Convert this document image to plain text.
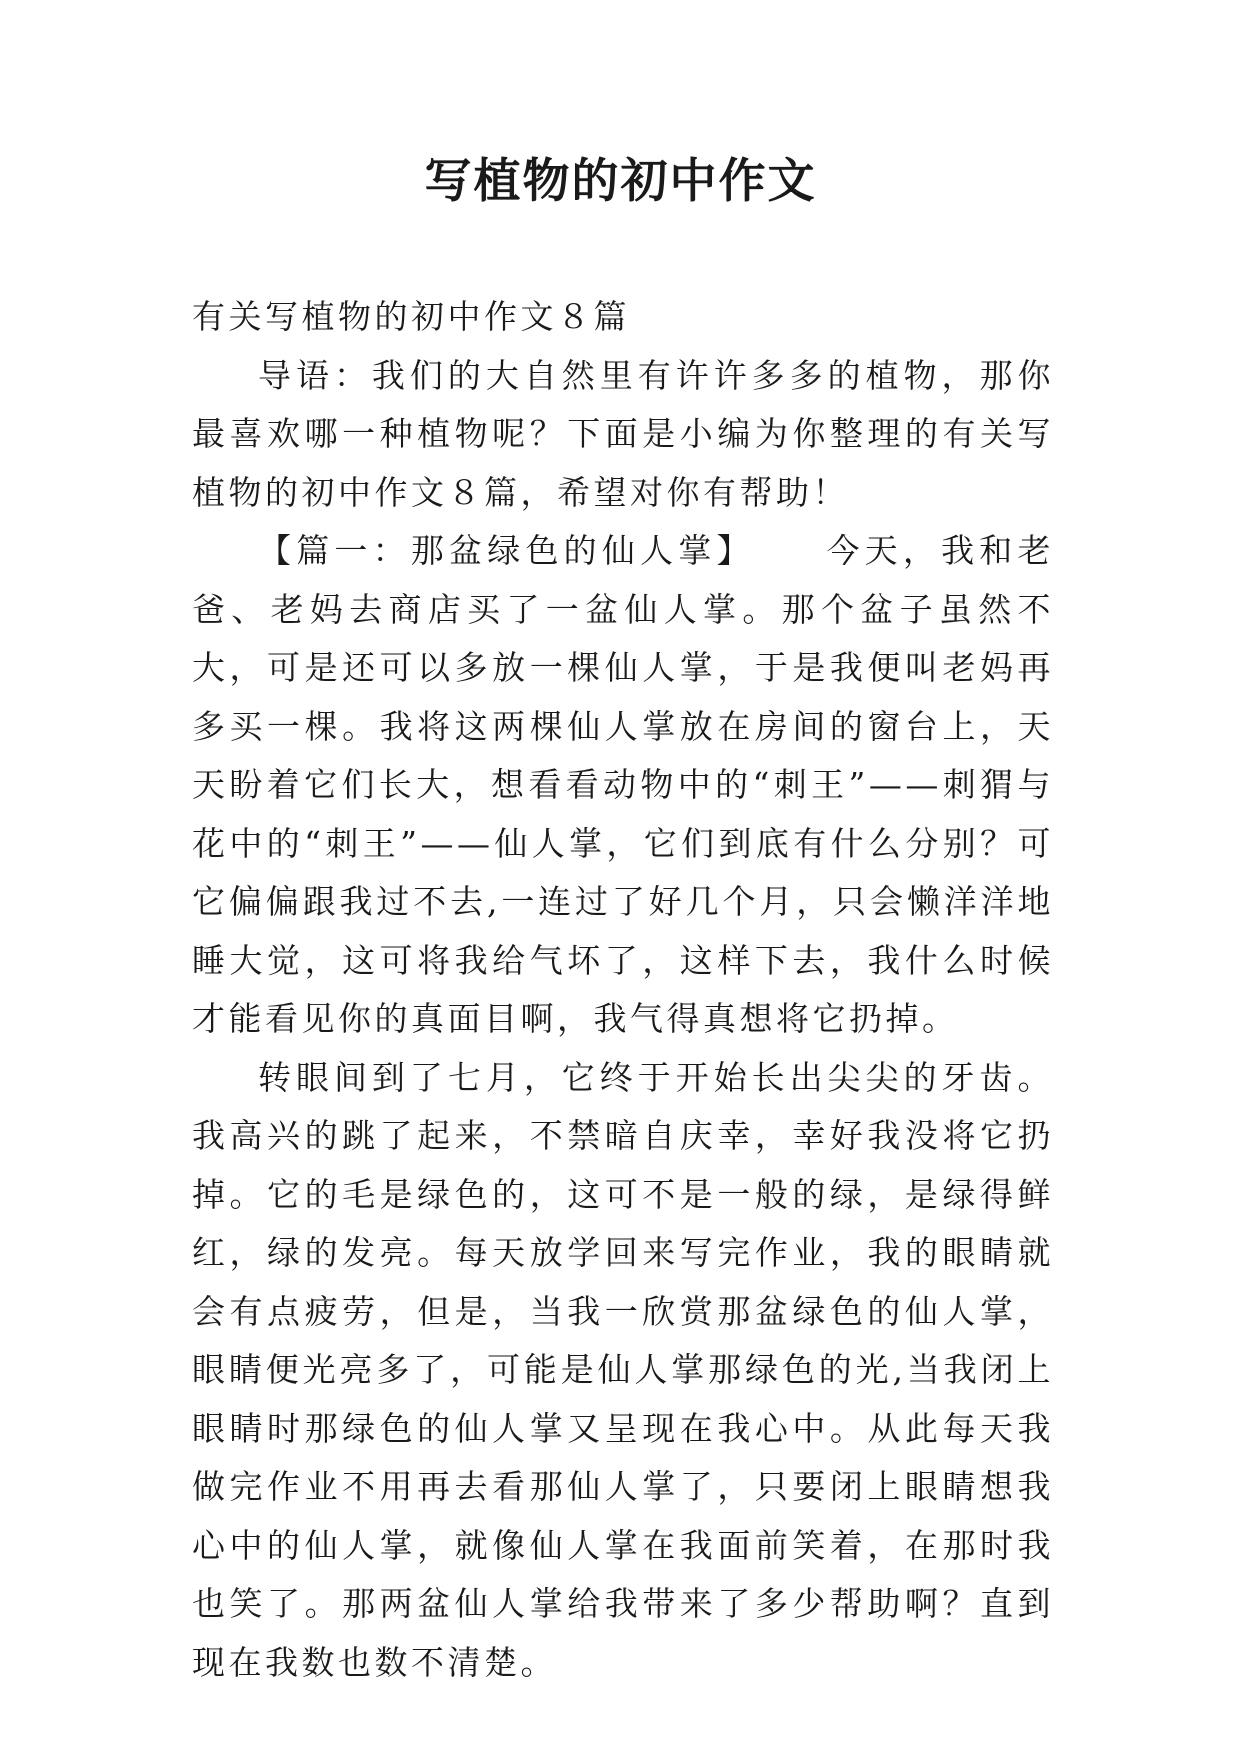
写植物的初中作文

有关写植物的初中作文８篇

导语：我们的大自然里有许许多多的植物，那你最喜欢哪一种植物呢？下面是小编为你整理的有关写植物的初中作文８篇，希望对你有帮助！

【篇一：那盆绿色的仙人掌】 今天，我和老爸、老妈去商店买了一盆仙人掌。那个盆子虽然不大，可是还可以多放一棵仙人掌，于是我便叫老妈再多买一棵。我将这两棵仙人掌放在房间的窗台上，天天盼着它们长大，想看看动物中的“刺王”——刺猬与花中的“刺王”——仙人掌，它们到底有什么分别？可它偏偏跟我过不去,一连过了好几个月，只会懒洋洋地睡大觉，这可将我给气坏了，这样下去，我什么时候才能看见你的真面目啊，我气得真想将它扔掉。

转眼间到了七月，它终于开始长出尖尖的牙齿。我高兴的跳了起来，不禁暗自庆幸，幸好我没将它扔掉。它的毛是绿色的，这可不是一般的绿，是绿得鲜红，绿的发亮。每天放学回来写完作业，我的眼睛就会有点疲劳，但是，当我一欣赏那盆绿色的仙人掌，眼睛便光亮多了，可能是仙人掌那绿色的光,当我闭上眼睛时那绿色的仙人掌又呈现在我心中。从此每天我做完作业不用再去看那仙人掌了，只要闭上眼睛想我心中的仙人掌，就像仙人掌在我面前笑着，在那时我也笑了。那两盆仙人掌给我带来了多少帮助啊？直到现在我数也数不清楚。
